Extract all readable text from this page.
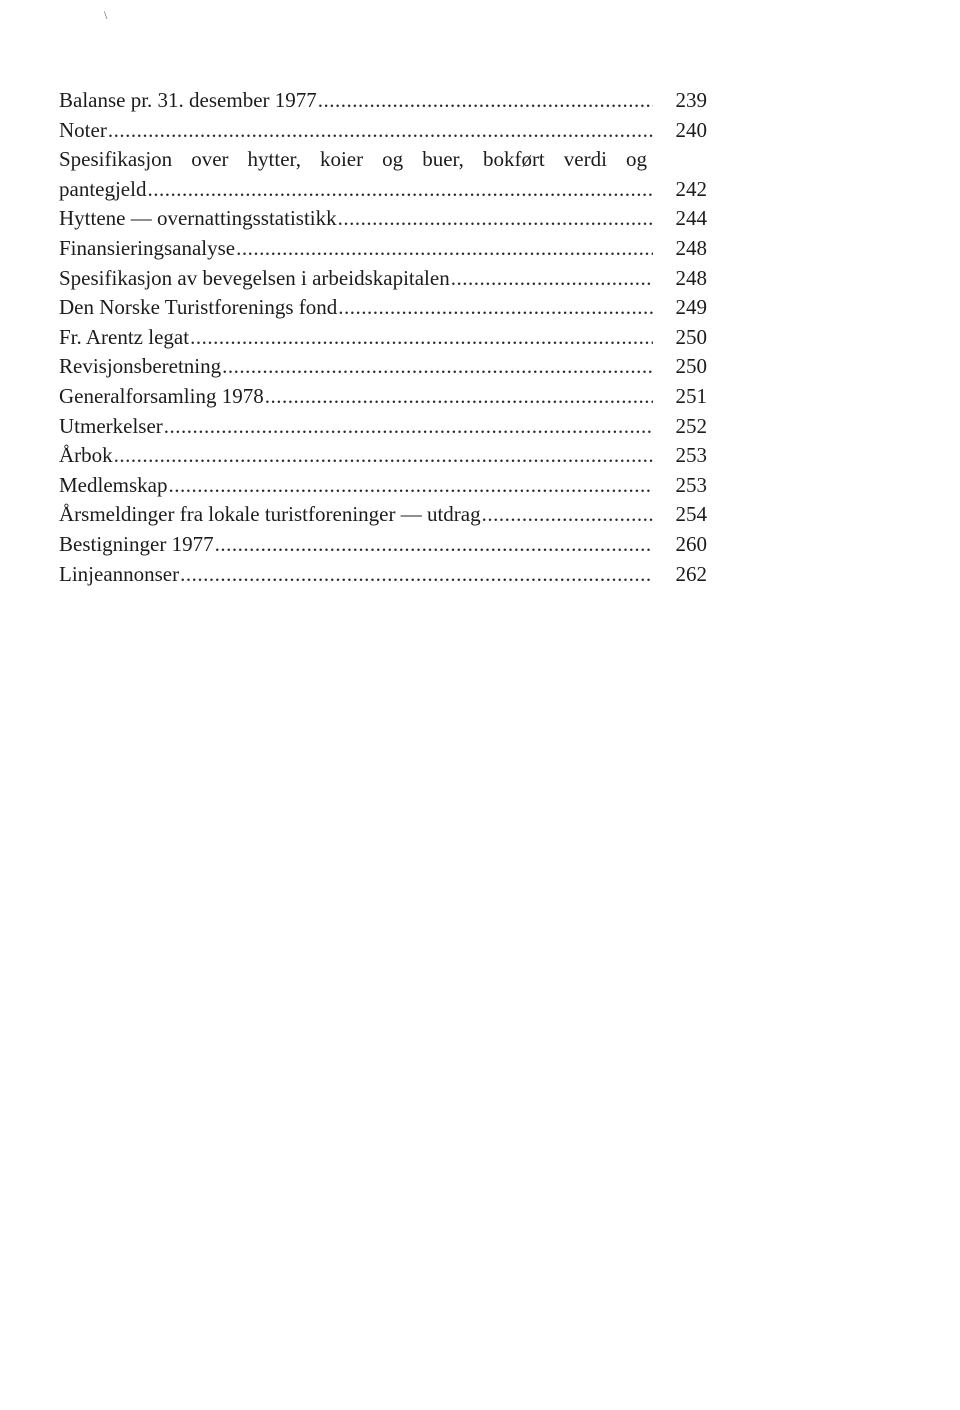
\
Balanse pr. 31. desember 1977 .....	239
Noter .....	240
Spesifikasjon over hytter, koier og buer, bokført verdi og
pantegjeld .....	242
Hyttene — overnattingsstatistikk .....	244
Finansieringsanalyse .....	248
Spesifikasjon av bevegelsen i arbeidskapitalen .....	248
Den Norske Turistforenings fond .....	249
Fr. Arentz legat .....	250
Revisjonsberetning .....	250
Generalforsamling 1978 .....	251
Utmerkelser .....	252
Årbok .....	253
Medlemskap .....	253
Årsmeldinger fra lokale turistforeninger — utdrag .....	254
Bestigninger 1977 .....	260
Linjeannonser .....	262
